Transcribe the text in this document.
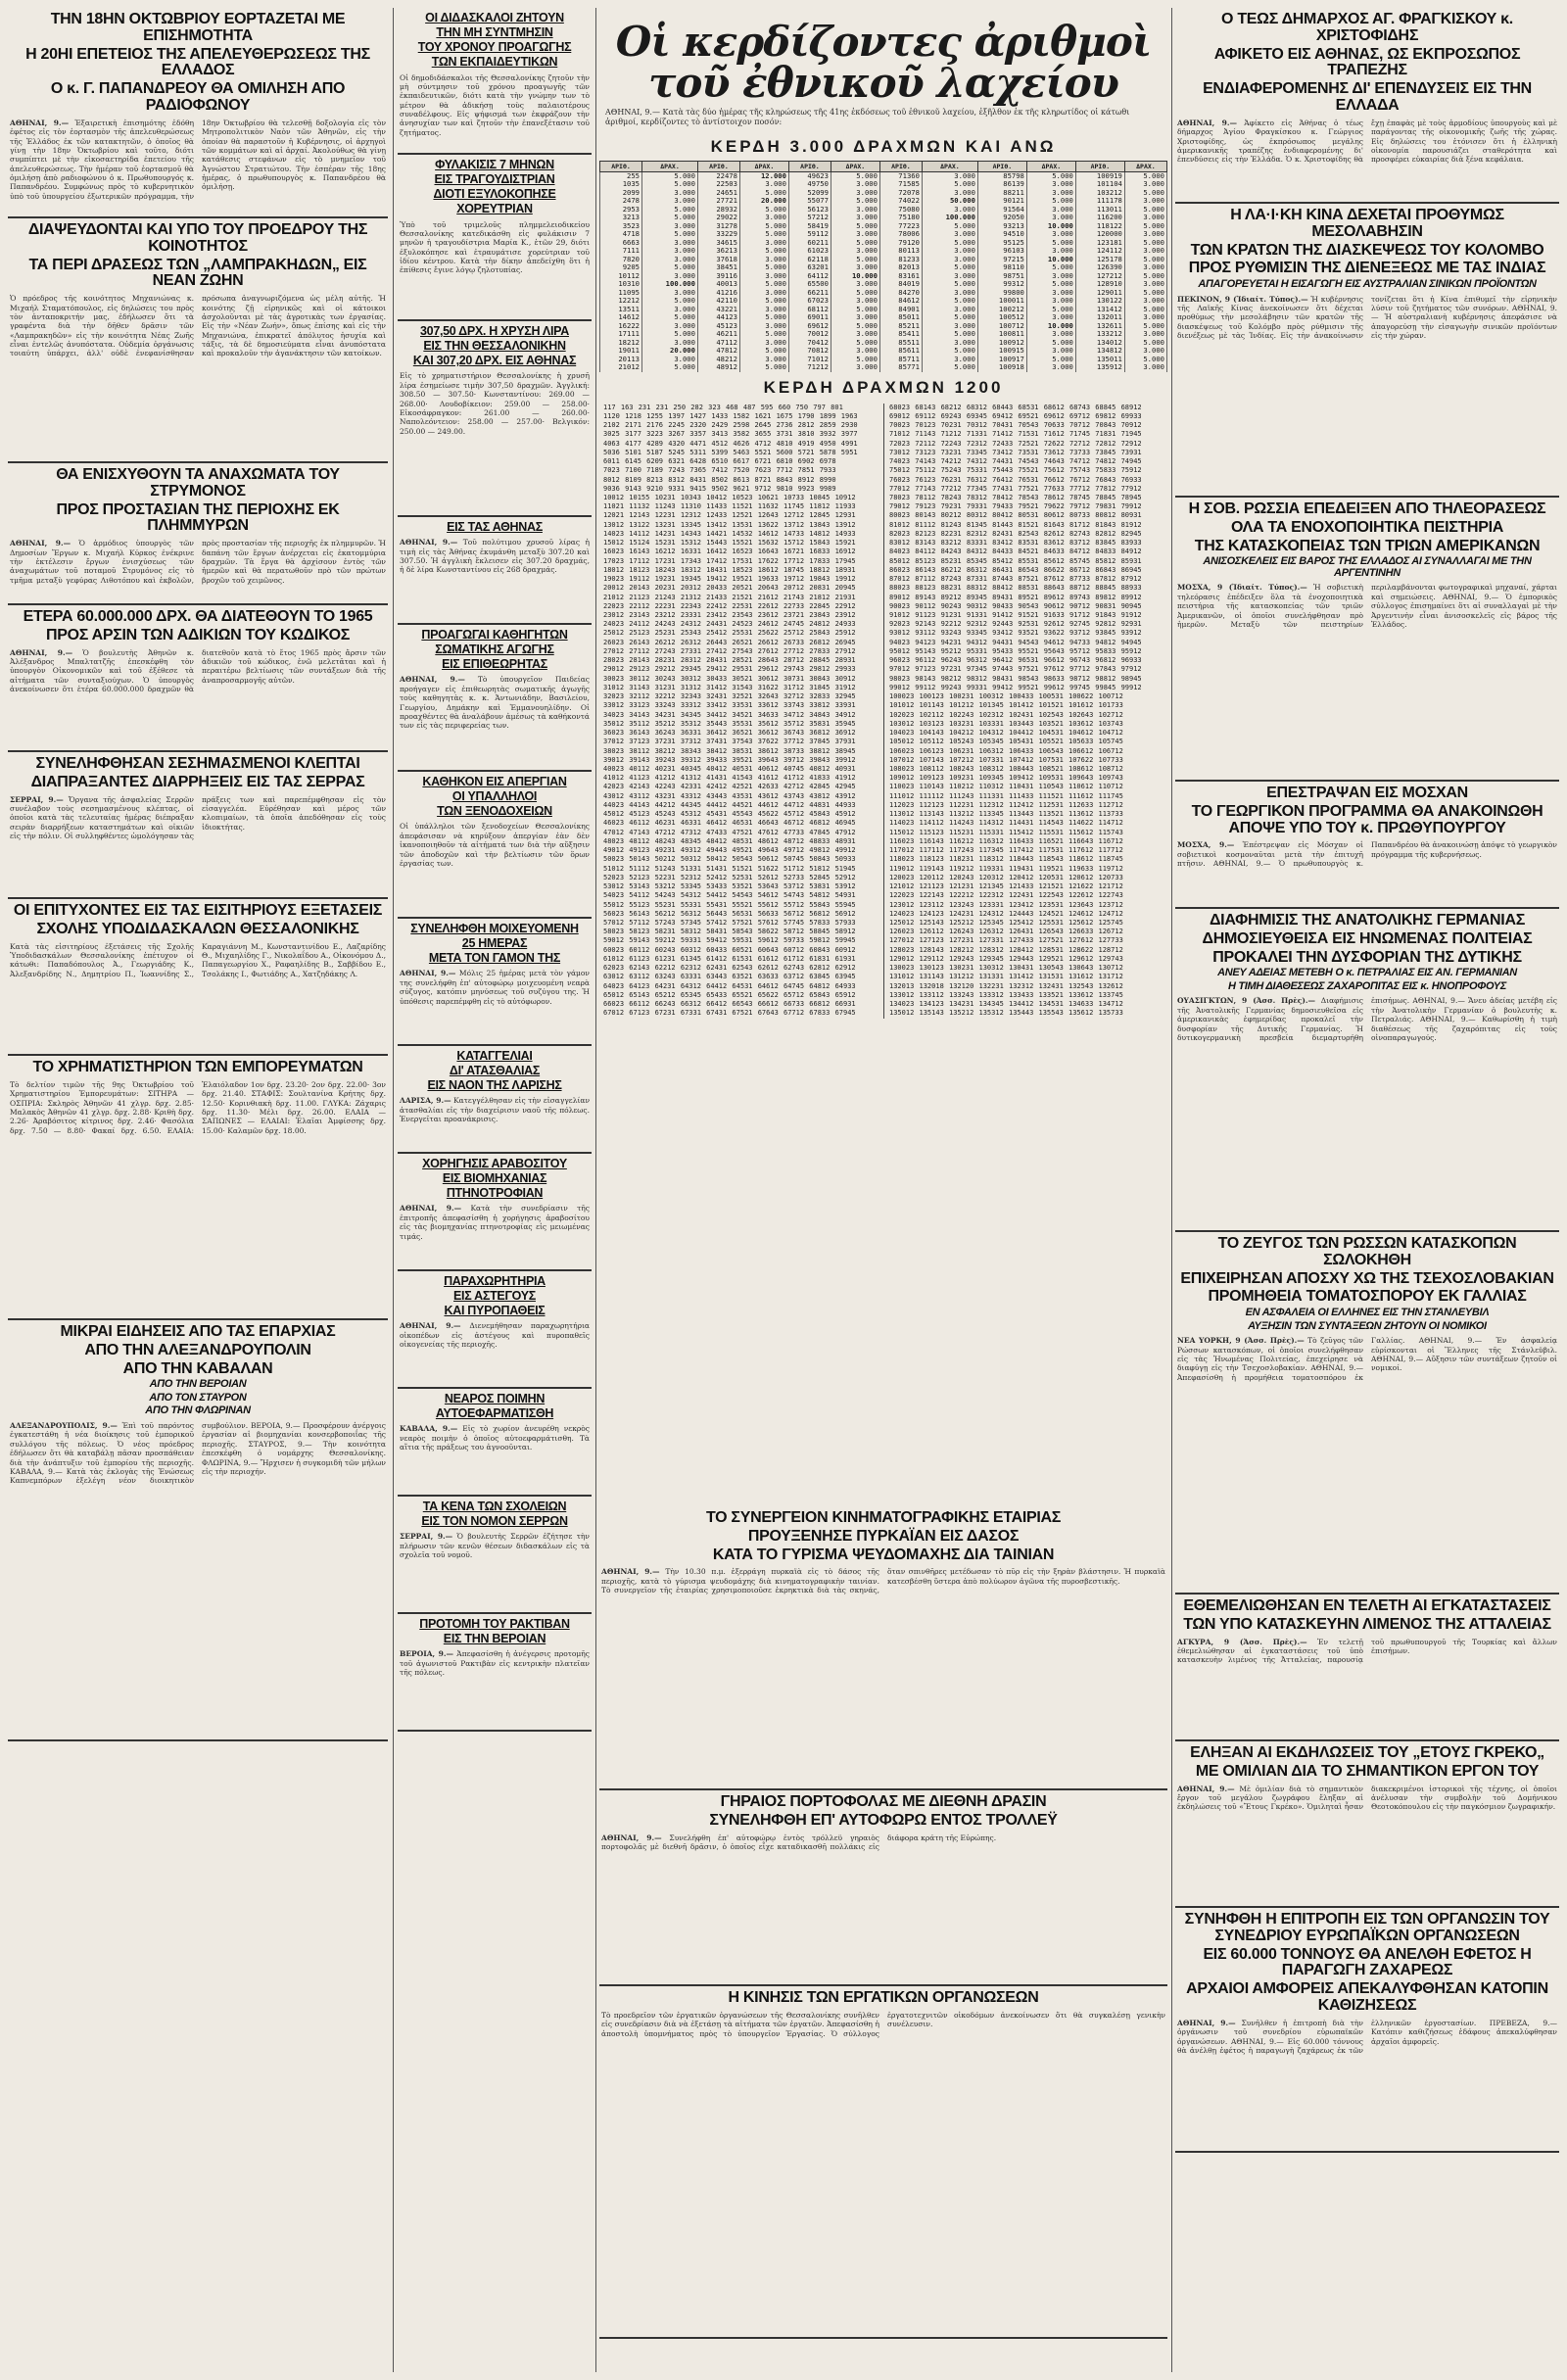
ΤΗΝ 18ΗΝ ΟΚΤΩΒΡΙΟΥ ΕΟΡΤΑΖΕΤΑΙ ΜΕ ΕΠΙΣΗΜΟΤΗΤΑ
Η 20ΗΙ ΕΠΕΤΕΙΟΣ ΤΗΣ ΑΠΕΛΕΥΘΕΡΩΣΕΩΣ ΤΗΣ ΕΛΛΑΔΟΣ
Ο κ. Γ. ΠΑΠΑΝΔΡΕΟΥ ΘΑ ΟΜΙΛΗΣΗ ΑΠΟ ΡΑΔΙΟΦΩΝΟΥ
ΑΘΗΝΑΙ, 9.— Ἑξαιρετικὴ ἐπισημότης ἐδόθη ἐφέτος εἰς τὸν ἑορτασμὸν τῆς ἀπελευθερώσεως τῆς Ἑλλάδος ἐκ τῶν κατακτητῶν, ὁ ὁποῖος θὰ γίνῃ τὴν 18ην Ὀκτωβρίου καὶ τοῦτο, διότι συμπίπτει μὲ τὴν εἰκοσαετηρίδα ἐπετείου τῆς ἀπελευθερώσεως. Τὴν ἡμέραν τοῦ ἑορτασμοῦ θὰ ὁμιλήσῃ ἀπὸ ραδιοφώνου ὁ κ. Πρωθυπουργός κ. Παπανδρέου. Συμφώνως πρὸς τὸ κυβερνητικὸν ὑπὸ τοῦ ὑπουργείου ἐξωτερικῶν πρόγραμμα, τὴν 18ην Ὀκτωβρίου θὰ τελεσθῇ δοξολογία εἰς τὸν Μητροπολιτικὸν Ναὸν τῶν Ἀθηνῶν, εἰς τὴν ὁποίαν θὰ παραστοῦν ἡ Κυβέρνησις, οἱ ἀρχηγοὶ τῶν κομμάτων καὶ αἱ ἀρχαί. Ἀκολούθως θὰ γίνῃ κατάθεσις στεφάνων εἰς τὸ μνημεῖον τοῦ Ἀγνώστου Στρατιώτου. Τὴν ἑσπέραν τῆς 18ης ἡμέρας, ὁ πρωθυπουργὸς κ. Παπανδρέου θὰ ὁμιλήσῃ.
ΔΙΑΨΕΥΔΟΝΤΑΙ ΚΑΙ ΥΠΟ ΤΟΥ ΠΡΟΕΔΡΟΥ ΤΗΣ ΚΟΙΝΟΤΗΤΟΣ
ΤΑ ΠΕΡΙ ΔΡΑΣΕΩΣ ΤΩΝ „ΛΑΜΠΡΑΚΗΔΩΝ„ ΕΙΣ ΝΕΑΝ ΖΩΗΝ
Ὁ πρόεδρος τῆς κοινότητος Μηχανιώνας κ. Μιχαήλ Σταματόπουλος, εἰς δηλώσεις του πρὸς τὸν ἀνταποκριτήν μας, ἐδήλωσεν ὅτι τὰ γραφέντα διὰ τὴν δῆθεν δρᾶσιν τῶν «Λαμπρακηδῶν» εἰς τὴν κοινότητα Νέας Ζωῆς εἶναι ἐντελῶς ἀνυπόστατα. Οὐδεμία ὀργάνωσις τοιαύτη ὑπάρχει, ἀλλ' οὐδὲ ἐνεφανίσθησαν πρόσωπα ἀναγνωριζόμενα ὡς μέλη αὐτῆς. Ἡ κοινότης ζῇ εἰρηνικῶς καὶ οἱ κάτοικοι ἀσχολοῦνται μὲ τὰς ἀγροτικὰς των ἐργασίας. Εἰς τὴν «Νέαν Ζωήν», ὅπως ἐπίσης καὶ εἰς τὴν Μηχανιώνα, ἐπικρατεῖ ἀπόλυτος ἡσυχία καὶ τάξις, τὰ δὲ δημοσιεύματα εἶναι ἀνυπόστατα καὶ προκαλοῦν τὴν ἀγανάκτησιν τῶν κατοίκων.
ΘΑ ΕΝΙΣΧΥΘΟΥΝ ΤΑ ΑΝΑΧΩΜΑΤΑ ΤΟΥ ΣΤΡΥΜΟΝΟΣ
ΠΡΟΣ ΠΡΟΣΤΑΣΙΑΝ ΤΗΣ ΠΕΡΙΟΧΗΣ ΕΚ ΠΛΗΜΜΥΡΩΝ
ΑΘΗΝΑΙ, 9.— Ὁ ἁρμόδιος ὑπουργὸς τῶν Δημοσίων Ἔργων κ. Μιχαήλ Κύρκος ἐνέκρινε τὴν ἐκτέλεσιν ἔργων ἐνισχύσεως τῶν ἀναχωμάτων τοῦ ποταμοῦ Στρυμόνος εἰς τὸ τμῆμα μεταξὺ γεφύρας Λιθοτόπου καὶ ἐκβολῶν, πρὸς προστασίαν τῆς περιοχῆς ἐκ πλημμυρῶν. Ἡ δαπάνη τῶν ἔργων ἀνέρχεται εἰς ἑκατομμύρια δραχμῶν. Τὰ ἔργα θὰ ἀρχίσουν ἐντὸς τῶν ἡμερῶν καὶ θὰ περατωθοῦν πρὸ τῶν πρώτων βροχῶν τοῦ χειμῶνος.
ΕΤΕΡΑ 60.000.000 ΔΡΧ. ΘΑ ΔΙΑΤΕΘΟΥΝ ΤΟ 1965
ΠΡΟΣ ΑΡΣΙΝ ΤΩΝ ΑΔΙΚΙΩΝ ΤΟΥ ΚΩΔΙΚΟΣ
ΑΘΗΝΑΙ, 9.— Ὁ βουλευτὴς Ἀθηνῶν κ. Ἀλέξανδρος Μπαλτατζῆς ἐπεσκέφθη τὸν ὑπουργὸν Οἰκονομικῶν καὶ τοῦ ἐξέθεσε τὰ αἰτήματα τῶν συνταξιούχων. Ὁ ὑπουργὸς ἀνεκοίνωσεν ὅτι ἑτέρα 60.000.000 δραχμῶν θὰ διατεθοῦν κατὰ τὸ ἔτος 1965 πρὸς ἄρσιν τῶν ἀδικιῶν τοῦ κώδικος, ἐνῶ μελετᾶται καὶ ἡ περαιτέρω βελτίωσις τῶν συντάξεων διὰ τῆς ἀναπροσαρμογῆς αὐτῶν.
ΣΥΝΕΛΗΦΘΗΣΑΝ ΣΕΣΗΜΑΣΜΕΝΟΙ ΚΛΕΠΤΑΙ
ΔΙΑΠΡΑΞΑΝΤΕΣ ΔΙΑΡΡΗΞΕΙΣ ΕΙΣ ΤΑΣ ΣΕΡΡΑΣ
ΣΕΡΡΑΙ, 9.— Ὄργανα τῆς ἀσφαλείας Σερρῶν συνέλαβον τοὺς σεσημασμένους κλέπτας, οἱ ὁποῖοι κατὰ τὰς τελευταίας ἡμέρας διέπραξαν σειρὰν διαρρήξεων καταστημάτων καὶ οἰκιῶν εἰς τὴν πόλιν. Οἱ συλληφθέντες ὡμολόγησαν τὰς πράξεις των καὶ παρεπέμφθησαν εἰς τὸν εἰσαγγελέα. Εὑρέθησαν καὶ μέρος τῶν κλοπιμαίων, τὰ ὁποῖα ἀπεδόθησαν εἰς τοὺς ἰδιοκτήτας.
ΟΙ ΕΠΙΤΥΧΟΝΤΕΣ ΕΙΣ ΤΑΣ ΕΙΣΙΤΗΡΙΟΥΣ ΕΞΕΤΑΣΕΙΣ
ΣΧΟΛΗΣ ΥΠΟΔΙΔΑΣΚΑΛΩΝ ΘΕΣΣΑΛΟΝΙΚΗΣ
Κατὰ τὰς εἰσιτηρίους ἐξετάσεις τῆς Σχολῆς Ὑποδιδασκάλων Θεσσαλονίκης ἐπέτυχον οἱ κάτωθι: Παπαδόπουλος Ἀ., Γεωργιάδης Κ., Ἀλεξανδρίδης Ν., Δημητρίου Π., Ἰωαννίδης Σ., Καραγιάννη Μ., Κωνσταντινίδου Ε., Λαζαρίδης Θ., Μιχαηλίδης Γ., Νικολαΐδου Α., Οἰκονόμου Δ., Παπαγεωργίου Χ., Ραφαηλίδης Β., Σαββίδου Ε., Τσολάκης Ι., Φωτιάδης Α., Χατζηδάκης Λ.
ΤΟ ΧΡΗΜΑΤΙΣΤΗΡΙΟΝ ΤΩΝ ΕΜΠΟΡΕΥΜΑΤΩΝ
Τὸ δελτίον τιμῶν τῆς 9ης Ὀκτωβρίου τοῦ Χρηματιστηρίου Ἐμπορευμάτων: ΣΙΤΗΡΑ — ΟΣΠΡΙΑ: Σκληρὸς Ἀθηνῶν 41 χλγρ. δρχ. 2.85· Μαλακὸς Ἀθηνῶν 41 χλγρ. δρχ. 2.88· Κριθὴ δρχ. 2.26· Ἀραβόσιτος κίτρινος δρχ. 2.46· Φασόλια δρχ. 7.50 — 8.80· Φακαί δρχ. 6.50. ΕΛΑΙΑ: Ἐλαιόλαδον 1ον δρχ. 23.20· 2ον δρχ. 22.00· 3ον δρχ. 21.40. ΣΤΑΦΙΣ: Σουλτανίνα Κρήτης δρχ. 12.50· Κορινθιακὴ δρχ. 11.00. ΓΛΥΚΑ: Ζάχαρις δρχ. 11.30· Μέλι δρχ. 26.00. ΕΛΑΙΑ — ΣΑΠΩΝΕΣ — ΕΛΑΙΑΙ: Ἐλαῖαι Ἀμφίσσης δρχ. 15.00· Καλαμῶν δρχ. 18.00.
ΜΙΚΡΑΙ ΕΙΔΗΣΕΙΣ ΑΠΟ ΤΑΣ ΕΠΑΡΧΙΑΣ
ΑΠΟ ΤΗΝ ΑΛΕΞΑΝΔΡΟΥΠΟΛΙΝ
ΑΠΟ ΤΗΝ ΚΑΒΑΛΑΝ
ΑΠΟ ΤΗΝ ΒΕΡΟΙΑΝ
ΑΠΟ ΤΟΝ ΣΤΑΥΡΟΝ
ΑΠΟ ΤΗΝ ΦΛΩΡΙΝΑΝ
ΑΛΕΞΑΝΔΡΟΥΠΟΛΙΣ, 9.— Ἐπὶ τοῦ παρόντος ἐγκατεστάθη ἡ νέα διοίκησις τοῦ ἐμπορικοῦ συλλόγου τῆς πόλεως. Ὁ νέος πρόεδρος ἐδήλωσεν ὅτι θὰ καταβάλῃ πᾶσαν προσπάθειαν διὰ τὴν ἀνάπτυξιν τοῦ ἐμπορίου τῆς περιοχῆς. ΚΑΒΑΛΑ, 9.— Κατὰ τὰς ἐκλογὰς τῆς Ἐνώσεως Καπνεμπόρων ἐξελέγη νέον διοικητικὸν συμβούλιον. ΒΕΡΟΙΑ, 9.— Προσφέρουν ἀνέργοις ἐργασίαν αἱ βιομηχανίαι κονσερβοποιΐας τῆς περιοχῆς. ΣΤΑΥΡΟΣ, 9.— Τὴν κοινότητα ἐπεσκέφθη ὁ νομάρχης Θεσσαλονίκης. ΦΛΩΡΙΝΑ, 9.— Ἤρχισεν ἡ συγκομιδὴ τῶν μήλων εἰς τὴν περιοχήν.
ΟΙ ΔΙΔΑΣΚΑΛΟΙ ΖΗΤΟΥΝ
ΤΗΝ ΜΗ ΣΥΝΤΜΗΣΙΝ
ΤΟΥ ΧΡΟΝΟΥ ΠΡΟΑΓΩΓΗΣ
ΤΩΝ ΕΚΠΑΙΔΕΥΤΙΚΩΝ
Οἱ δημοδιδάσκαλοι τῆς Θεσσαλονίκης ζητοῦν τὴν μὴ σύντμησιν τοῦ χρόνου προαγωγῆς τῶν ἐκπαιδευτικῶν, διότι κατὰ τὴν γνώμην των τὸ μέτρον θὰ ἀδικήσῃ τοὺς παλαιοτέρους συναδέλφους. Εἰς ψήφισμά των ἐκφράζουν τὴν ἀνησυχίαν των καὶ ζητοῦν τὴν ἐπανεξέτασιν τοῦ ζητήματος.
ΦΥΛΑΚΙΣΙΣ 7 ΜΗΝΩΝ
ΕΙΣ ΤΡΑΓΟΥΔΙΣΤΡΙΑΝ
ΔΙΟΤΙ ΕΞΥΛΟΚΟΠΗΣΕ
ΧΟΡΕΥΤΡΙΑΝ
Ὑπὸ τοῦ τριμελοῦς πλημμελειοδικείου Θεσσαλονίκης κατεδικάσθη εἰς φυλάκισιν 7 μηνῶν ἡ τραγουδίστρια Μαρία Κ., ἐτῶν 29, διότι ἐξυλοκόπησε καὶ ἐτραυμάτισε χορεύτριαν τοῦ ἰδίου κέντρου. Κατὰ τὴν δίκην ἀπεδείχθη ὅτι ἡ ἐπίθεσις ἔγινε λόγῳ ζηλοτυπίας.
307,50 ΔΡΧ. Η ΧΡΥΣΗ ΛΙΡΑ
ΕΙΣ ΤΗΝ ΘΕΣΣΑΛΟΝΙΚΗΝ
ΚΑΙ 307,20 ΔΡΧ. ΕΙΣ ΑΘΗΝΑΣ
Εἰς τὸ χρηματιστήριον Θεσσαλονίκης ἡ χρυσῆ λίρα ἐσημείωσε τιμὴν 307,50 δραχμῶν. Ἀγγλική: 308.50 — 307.50· Κωνσταντίνου: 269.00 — 268.00· Λουδοβίκειον: 259.00 — 258.00· Εἰκοσάφραγκον: 261.00 — 260.00· Ναπολεόντειον: 258.00 — 257.00· Βελγικόν: 250.00 — 249.00.
ΕΙΣ ΤΑΣ ΑΘΗΝΑΣ
ΑΘΗΝΑΙ, 9.— Τοῦ πολύτιμου χρυσοῦ λίρας ἡ τιμὴ εἰς τὰς Ἀθήνας ἐκυμάνθη μεταξὺ 307.20 καὶ 307.50. Ἡ ἀγγλικὴ ἔκλεισεν εἰς 307.20 δραχμάς, ἡ δὲ λίρα Κωνσταντίνου εἰς 268 δραχμάς.
ΠΡΟΑΓΩΓΑΙ ΚΑΘΗΓΗΤΩΝ
ΣΩΜΑΤΙΚΗΣ ΑΓΩΓΗΣ
ΕΙΣ ΕΠΙΘΕΩΡΗΤΑΣ
ΑΘΗΝΑΙ, 9.— Τὸ ὑπουργεῖον Παιδείας προήγαγεν εἰς ἐπιθεωρητὰς σωματικῆς ἀγωγῆς τοὺς καθηγητὰς κ. κ. Ἀντωνιάδην, Βασιλείου, Γεωργίου, Δημάκην καὶ Ἐμμανουηλίδην. Οἱ προαχθέντες θὰ ἀναλάβουν ἀμέσως τὰ καθήκοντά των εἰς τὰς περιφερείας των.
ΚΑΘΗΚΟΝ ΕΙΣ ΑΠΕΡΓΙΑΝ
ΟΙ ΥΠΑΛΛΗΛΟΙ
ΤΩΝ ΞΕΝΟΔΟΧΕΙΩΝ
Οἱ ὑπάλληλοι τῶν ξενοδοχείων Θεσσαλονίκης ἀπεφάσισαν νὰ κηρύξουν ἀπεργίαν ἐὰν δὲν ἱκανοποιηθοῦν τὰ αἰτήματά των διὰ τὴν αὔξησιν τῶν ἀποδοχῶν καὶ τὴν βελτίωσιν τῶν ὅρων ἐργασίας των.
ΣΥΝΕΛΗΦΘΗ ΜΟΙΧΕΥΟΜΕΝΗ
25 ΗΜΕΡΑΣ
ΜΕΤΑ ΤΟΝ ΓΑΜΟΝ ΤΗΣ
ΑΘΗΝΑΙ, 9.— Μόλις 25 ἡμέρας μετὰ τὸν γάμον της συνελήφθη ἐπ' αὐτοφώρῳ μοιχευομένη νεαρὰ σύζυγος, κατόπιν μηνύσεως τοῦ συζύγου της. Ἡ ὑπόθεσις παρεπέμφθη εἰς τὸ αὐτόφωρον.
ΚΑΤΑΓΓΕΛΙΑΙ
ΔΙ' ΑΤΑΣΘΑΛΙΑΣ
ΕΙΣ ΝΑΟΝ ΤΗΣ ΛΑΡΙΣΗΣ
ΛΑΡΙΣΑ, 9.— Κατεγγέλθησαν εἰς τὴν εἰσαγγελίαν ἀτασθαλίαι εἰς τὴν διαχείρισιν ναοῦ τῆς πόλεως. Ἐνεργεῖται προανάκρισις.
ΧΟΡΗΓΗΣΙΣ ΑΡΑΒΟΣΙΤΟΥ
ΕΙΣ ΒΙΟΜΗΧΑΝΙΑΣ
ΠΤΗΝΟΤΡΟΦΙΑΝ
ΑΘΗΝΑΙ, 9.— Κατὰ τὴν συνεδρίασιν τῆς ἐπιτροπῆς ἀπεφασίσθη ἡ χορήγησις ἀραβοσίτου εἰς τὰς βιομηχανίας πτηνοτροφίας εἰς μειωμένας τιμάς.
ΠΑΡΑΧΩΡΗΤΗΡΙΑ
ΕΙΣ ΑΣΤΕΓΟΥΣ
ΚΑΙ ΠΥΡΟΠΑΘΕΙΣ
ΑΘΗΝΑΙ, 9.— Διενεμήθησαν παραχωρητήρια οἰκοπέδων εἰς ἀστέγους καὶ πυροπαθεῖς οἰκογενείας τῆς περιοχῆς.
ΝΕΑΡΟΣ ΠΟΙΜΗΝ
ΑΥΤΟΕΦΑΡΜΑΤΙΣΘΗ
ΚΑΒΑΛΑ, 9.— Εἰς τὸ χωρίον ἀνευρέθη νεκρὸς νεαρὸς ποιμὴν ὁ ὁποῖος αὐτοεφαρμάτισθη. Τὰ αἴτια τῆς πράξεως του ἀγνοοῦνται.
ΤΑ ΚΕΝΑ ΤΩΝ ΣΧΟΛΕΙΩΝ
ΕΙΣ ΤΟΝ ΝΟΜΟΝ ΣΕΡΡΩΝ
ΣΕΡΡΑΙ, 9.— Ὁ βουλευτὴς Σερρῶν ἐζήτησε τὴν πλήρωσιν τῶν κενῶν θέσεων διδασκάλων εἰς τὰ σχολεῖα τοῦ νομοῦ.
ΠΡΟΤΟΜΗ ΤΟΥ ΡΑΚΤΙΒΑΝ
ΕΙΣ ΤΗΝ ΒΕΡΟΙΑΝ
ΒΕΡΟΙΑ, 9.— Ἀπεφασίσθη ἡ ἀνέγερσις προτομῆς τοῦ ἀγωνιστοῦ Ρακτιβὰν εἰς κεντρικὴν πλατεῖαν τῆς πόλεως.
Οἱ κερδίζοντες ἀριθμοὶ τοῦ ἐθνικοῦ λαχείου
ΑΘΗΝΑΙ, 9.— Κατὰ τὰς δύο ἡμέρας τῆς κληρώσεως τῆς 41ης ἐκδόσεως τοῦ ἐθνικοῦ λαχείου, ἐξῆλθον ἐκ τῆς κληρωτίδος οἱ κάτωθι ἀριθμοί, κερδίζοντες τὸ ἀντίστοιχον ποσόν:
ΚΕΡΔΗ 3.000 ΔΡΑΧΜΩΝ ΚΑΙ ΑΝΩ
ΑΡΙΘ.	ΔΡΑΧ.	ΑΡΙΘ.	ΔΡΑΧ.	ΑΡΙΘ.	ΔΡΑΧ.	ΑΡΙΘ.	ΔΡΑΧ.	ΑΡΙΘ.	ΔΡΑΧ.	ΑΡΙΘ.	ΔΡΑΧ.
255	5.000	22478	12.000	49623	5.000	71360	3.000	85798	5.000	100919	5.000
1035	5.000	22503	3.000	49750	3.000	71585	5.000	86139	3.000	101104	3.000
2099	3.000	24651	5.000	52099	3.000	72078	3.000	88211	3.000	103212	5.000
2478	3.000	27721	20.000	55077	5.000	74022	50.000	90121	5.000	111178	3.000
2953	5.000	28932	5.000	56123	3.000	75080	3.000	91564	3.000	113011	5.000
3213	5.000	29022	3.000	57212	3.000	75180	100.000	92050	3.000	116200	3.000
3523	3.000	31278	5.000	58419	5.000	77223	5.000	93213	10.000	118122	5.000
4718	5.000	33229	5.000	59112	3.000	78006	3.000	94510	3.000	120000	3.000
6663	3.000	34615	3.000	60211	5.000	79120	5.000	95125	5.000	123181	5.000
7111	3.000	36213	5.000	61023	3.000	80113	3.000	96103	3.000	124112	3.000
7820	3.000	37618	3.000	62118	5.000	81233	3.000	97215	10.000	125178	5.000
9205	5.000	38451	5.000	63201	3.000	82013	5.000	98110	5.000	126390	3.000
10112	3.000	39116	3.000	64112	10.000	83161	3.000	98751	3.000	127212	5.000
10310	100.000	40013	5.000	65500	3.000	84019	5.000	99312	5.000	128910	3.000
11095	3.000	41216	3.000	66211	5.000	84270	3.000	99800	3.000	129011	5.000
12212	5.000	42110	5.000	67023	3.000	84612	5.000	100011	3.000	130122	3.000
13511	3.000	43221	3.000	68112	5.000	84901	3.000	100212	5.000	131412	5.000
14612	5.000	44123	5.000	69011	3.000	85011	5.000	100512	3.000	132011	3.000
16222	3.000	45123	3.000	69612	5.000	85211	3.000	100712	10.000	132611	5.000
17111	5.000	46211	5.000	70012	3.000	85411	5.000	100811	3.000	133212	3.000
18212	3.000	47112	3.000	70412	5.000	85511	3.000	100912	5.000	134012	5.000
19011	20.000	47812	5.000	70812	3.000	85611	5.000	100915	3.000	134812	3.000
20113	3.000	48212	3.000	71012	5.000	85711	3.000	100917	5.000	135011	5.000
21012	5.000	48912	5.000	71212	3.000	85771	5.000	100918	3.000	135912	3.000
ΚΕΡΔΗ ΔΡΑΧΜΩΝ 1200

117 163 231 231 250 282 323 468 487 595 660 750 797 801

1120 1218 1255 1397 1427 1433 1582 1621 1675 1790 1899 1963

2102 2171 2176 2245 2320 2429 2598 2645 2736 2812 2859 2930

3025 3177 3223 3267 3357 3413 3582 3655 3731 3810 3932 3977

4063 4177 4289 4320 4471 4512 4626 4712 4810 4919 4950 4991

5036 5101 5187 5245 5311 5399 5463 5521 5600 5721 5878 5951

6011 6145 6209 6321 6428 6510 6617 6721 6810 6902 6978

7023 7100 7189 7243 7365 7412 7520 7623 7712 7851 7933

8012 8109 8213 8312 8431 8502 8613 8721 8843 8912 8990

9036 9143 9210 9331 9415 9502 9621 9712 9810 9923 9989

10012 10155 10231 10343 10412 10523 10621 10733 10845 10912

11021 11132 11243 11310 11433 11521 11632 11745 11812 11933

12021 12143 12231 12312 12433 12521 12643 12712 12845 12931

13012 13122 13231 13345 13412 13531 13622 13712 13843 13912

14023 14112 14231 14343 14421 14532 14612 14733 14812 14933

15012 15124 15231 15312 15443 15521 15632 15712 15843 15921

16023 16143 16212 16331 16412 16523 16643 16721 16833 16912

17023 17112 17231 17343 17412 17531 17622 17712 17833 17945

18012 18123 18243 18312 18431 18523 18612 18745 18812 18931

19023 19112 19231 19345 19412 19521 19633 19712 19843 19912

20012 20143 20231 20312 20433 20521 20643 20712 20831 20945

21012 21123 21243 21312 21433 21521 21612 21743 21812 21931

22023 22112 22231 22343 22412 22531 22612 22733 22845 22912

23012 23143 23212 23331 23412 23543 23612 23721 23843 23912

24023 24112 24243 24312 24431 24523 24612 24745 24812 24933

25012 25123 25231 25343 25412 25531 25622 25712 25843 25912

26023 26143 26212 26312 26443 26521 26612 26733 26812 26945

27012 27112 27243 27331 27412 27543 27612 27712 27833 27912

28023 28143 28231 28312 28431 28521 28643 28712 28845 28931

29012 29123 29212 29345 29412 29531 29612 29743 29812 29933

30023 30112 30243 30312 30433 30521 30612 30731 30843 30912

31012 31143 31231 31312 31412 31543 31622 31712 31845 31912

32023 32112 32212 32343 32431 32521 32643 32712 32833 32945

33012 33123 33243 33312 33412 33531 33612 33743 33812 33931

34023 34143 34231 34345 34412 34521 34633 34712 34843 34912

35012 35112 35212 35312 35443 35531 35612 35712 35831 35945

36023 36143 36243 36331 36412 36521 36612 36743 36812 36912

37012 37123 37231 37312 37431 37543 37622 37712 37845 37931

38023 38112 38212 38343 38412 38531 38612 38733 38812 38945

39012 39143 39243 39312 39433 39521 39643 39712 39843 39912

40023 40112 40231 40345 40412 40531 40612 40745 40812 40931

41012 41123 41212 41312 41431 41543 41612 41712 41833 41912

42023 42143 42243 42331 42412 42521 42633 42712 42845 42945

43012 43112 43231 43312 43443 43531 43612 43743 43812 43912

44023 44143 44212 44345 44412 44521 44612 44712 44831 44933

45012 45123 45243 45312 45431 45543 45622 45712 45843 45912

46023 46112 46231 46331 46412 46531 46643 46712 46812 46945

47012 47143 47212 47312 47433 47521 47612 47733 47845 47912

48023 48112 48243 48345 48412 48531 48612 48712 48833 48931

49012 49123 49231 49312 49443 49521 49643 49712 49812 49912

50023 50143 50212 50312 50412 50543 50612 50745 50843 50933

51012 51112 51243 51331 51431 51521 51622 51712 51812 51945

52023 52123 52231 52312 52412 52531 52612 52733 52845 52912

53012 53143 53212 53345 53433 53521 53643 53712 53831 53912

54023 54112 54243 54312 54412 54543 54612 54743 54812 54931

55012 55123 55231 55331 55431 55521 55612 55712 55843 55945

56023 56143 56212 56312 56443 56531 56633 56712 56812 56912

57012 57112 57243 57345 57412 57521 57612 57745 57833 57933

58023 58123 58231 58312 58431 58543 58622 58712 58845 58912

59012 59143 59212 59331 59412 59531 59612 59733 59812 59945

60023 60112 60243 60312 60433 60521 60643 60712 60843 60912

61012 61123 61231 61345 61412 61531 61612 61712 61831 61931

62023 62143 62212 62312 62431 62543 62612 62743 62812 62912

63012 63112 63243 63331 63443 63521 63633 63712 63845 63945

64023 64123 64231 64312 64412 64531 64612 64745 64812 64933

65012 65143 65212 65345 65433 65521 65622 65712 65843 65912

66023 66112 66243 66312 66412 66543 66612 66733 66812 66931

67012 67123 67231 67331 67431 67521 67643 67712 67833 67945

68023 68143 68212 68312 68443 68531 68612 68743 68845 68912

69012 69112 69243 69345 69412 69521 69612 69712 69812 69933

70023 70123 70231 70312 70431 70543 70633 70712 70843 70912

71012 71143 71212 71331 71412 71531 71612 71745 71831 71945

72023 72112 72243 72312 72433 72521 72622 72712 72812 72912

73012 73123 73231 73345 73412 73531 73612 73733 73845 73931

74023 74143 74212 74312 74431 74543 74643 74712 74812 74945

75012 75112 75243 75331 75443 75521 75612 75743 75833 75912

76023 76123 76231 76312 76412 76531 76612 76712 76843 76933

77012 77143 77212 77345 77431 77521 77633 77712 77812 77912

78023 78112 78243 78312 78412 78543 78612 78745 78845 78945

79012 79123 79231 79331 79433 79521 79622 79712 79831 79912

80023 80143 80212 80312 80412 80531 80612 80733 80812 80931

81012 81112 81243 81345 81443 81521 81643 81712 81843 81912

82023 82123 82231 82312 82431 82543 82612 82743 82812 82945

83012 83143 83212 83331 83412 83531 83612 83712 83845 83933

84023 84112 84243 84312 84433 84521 84633 84712 84833 84912

85012 85123 85231 85345 85412 85531 85612 85745 85812 85931

86023 86143 86212 86312 86431 86543 86622 86712 86843 86945

87012 87112 87243 87331 87443 87521 87612 87733 87812 87912

88023 88123 88231 88312 88412 88531 88643 88712 88845 88933

89012 89143 89212 89345 89431 89521 89612 89743 89812 89912

90023 90112 90243 90312 90433 90543 90612 90712 90831 90945

91012 91123 91231 91331 91412 91521 91633 91712 91843 91912

92023 92143 92212 92312 92443 92531 92612 92745 92812 92931

93012 93112 93243 93345 93412 93521 93622 93712 93845 93912

94023 94123 94231 94312 94431 94543 94612 94733 94812 94945

95012 95143 95212 95331 95433 95521 95643 95712 95833 95912

96023 96112 96243 96312 96412 96531 96612 96743 96812 96933

97012 97123 97231 97345 97443 97521 97612 97712 97843 97912

98023 98143 98212 98312 98431 98543 98633 98712 98812 98945

99012 99112 99243 99331 99412 99521 99612 99745 99845 99912

100023 100123 100231 100312 100433 100531 100622 100712

101012 101143 101212 101345 101412 101521 101612 101733

102023 102112 102243 102312 102431 102543 102643 102712

103012 103123 103231 103331 103443 103521 103612 103743

104023 104143 104212 104312 104412 104531 104612 104712

105012 105112 105243 105345 105431 105521 105633 105745

106023 106123 106231 106312 106433 106543 106612 106712

107012 107143 107212 107331 107412 107531 107622 107733

108023 108112 108243 108312 108443 108521 108612 108712

109012 109123 109231 109345 109412 109531 109643 109743

110023 110143 110212 110312 110431 110543 110612 110712

111012 111112 111243 111331 111433 111521 111612 111745

112023 112123 112231 112312 112412 112531 112633 112712

113012 113143 113212 113345 113443 113521 113612 113733

114023 114112 114243 114312 114431 114543 114622 114712

115012 115123 115231 115331 115412 115531 115612 115743

116023 116143 116212 116312 116433 116521 116643 116712

117012 117112 117243 117345 117412 117531 117612 117712

118023 118123 118231 118312 118443 118543 118612 118745

119012 119143 119212 119331 119431 119521 119633 119712

120023 120112 120243 120312 120412 120531 120612 120733

121012 121123 121231 121345 121433 121521 121622 121712

122023 122143 122212 122312 122431 122543 122612 122743

123012 123112 123243 123331 123412 123531 123643 123712

124023 124123 124231 124312 124443 124521 124612 124712

125012 125143 125212 125345 125412 125531 125612 125745

126023 126112 126243 126312 126431 126543 126633 126712

127012 127123 127231 127331 127433 127521 127612 127733

128023 128143 128212 128312 128412 128531 128622 128712

129012 129112 129243 129345 129443 129521 129612 129743

130023 130123 130231 130312 130431 130543 130643 130712

131012 131143 131212 131331 131412 131531 131612 131712

132013 132018 132120 132231 132312 132431 132543 132612

133012 133112 133243 133312 133433 133521 133612 133745

134023 134123 134231 134345 134412 134531 134633 134712

135012 135143 135212 135312 135443 135543 135612 135733

ΤΟ ΣΥΝΕΡΓΕΙΟΝ ΚΙΝΗΜΑΤΟΓΡΑΦΙΚΗΣ ΕΤΑΙΡΙΑΣ
ΠΡΟΥΞΕΝΗΣΕ ΠΥΡΚΑΪΑΝ ΕΙΣ ΔΑΣΟΣ
ΚΑΤΑ ΤΟ ΓΥΡΙΣΜΑ ΨΕΥΔΟΜΑΧΗΣ ΔΙΑ ΤΑΙΝΙΑΝ
ΑΘΗΝΑΙ, 9.— Τὴν 10.30 π.μ. ἐξερράγη πυρκαϊὰ εἰς τὸ δάσος τῆς περιοχῆς, κατὰ τὸ γύρισμα ψευδομάχης διὰ κινηματογραφικὴν ταινίαν. Τὸ συνεργεῖον τῆς ἑταιρίας χρησιμοποιοῦσε ἐκρηκτικὰ διὰ τὰς σκηνάς, ὅταν σπινθῆρες μετέδωσαν τὸ πῦρ εἰς τὴν ξηρὰν βλάστησιν. Ἡ πυρκαϊὰ κατεσβέσθη ὕστερα ἀπὸ πολύωρον ἀγῶνα τῆς πυροσβεστικῆς.
ΓΗΡΑΙΟΣ ΠΟΡΤΟΦΟΛΑΣ ΜΕ ΔΙΕΘΝΗ ΔΡΑΣΙΝ
ΣΥΝΕΛΗΦΘΗ ΕΠ' ΑΥΤΟΦΩΡΩ ΕΝΤΟΣ ΤΡΟΛΛΕΫ
ΑΘΗΝΑΙ, 9.— Συνελήφθη ἐπ' αὐτοφώρῳ ἐντὸς τρόλλεϋ γηραιὸς πορτοφολᾶς μὲ διεθνῆ δρᾶσιν, ὁ ὁποῖος εἶχε καταδικασθῆ πολλάκις εἰς διάφορα κράτη τῆς Εὐρώπης.
Η ΚΙΝΗΣΙΣ ΤΩΝ ΕΡΓΑΤΙΚΩΝ ΟΡΓΑΝΩΣΕΩΝ
Τὸ προεδρεῖον τῶν ἐργατικῶν ὀργανώσεων τῆς Θεσσαλονίκης συνῆλθεν εἰς συνεδρίασιν διὰ νὰ ἐξετάσῃ τὰ αἰτήματα τῶν ἐργατῶν. Ἀπεφασίσθη ἡ ἀποστολὴ ὑπομνήματος πρὸς τὸ ὑπουργεῖον Ἐργασίας. Ὁ σύλλογος ἐργατοτεχνιτῶν οἰκοδόμων ἀνεκοίνωσεν ὅτι θὰ συγκαλέσῃ γενικὴν συνέλευσιν.
Ο ΤΕΩΣ ΔΗΜΑΡΧΟΣ ΑΓ. ΦΡΑΓΚΙΣΚΟΥ κ. ΧΡΙΣΤΟΦΙΔΗΣ
ΑΦΙΚΕΤΟ ΕΙΣ ΑΘΗΝΑΣ, ΩΣ ΕΚΠΡΟΣΩΠΟΣ ΤΡΑΠΕΖΗΣ
ΕΝΔΙΑΦΕΡΟΜΕΝΗΣ ΔΙ' ΕΠΕΝΔΥΣΕΙΣ ΕΙΣ ΤΗΝ ΕΛΛΑΔΑ
ΑΘΗΝΑΙ, 9.— Ἀφίκετο εἰς Ἀθήνας ὁ τέως δήμαρχος Ἁγίου Φραγκίσκου κ. Γεώργιος Χριστοφίδης, ὡς ἐκπρόσωπος μεγάλης ἀμερικανικῆς τραπέζης ἐνδιαφερομένης δι' ἐπενδύσεις εἰς τὴν Ἑλλάδα. Ὁ κ. Χριστοφίδης θὰ ἔχῃ ἐπαφὰς μὲ τοὺς ἁρμοδίους ὑπουργοὺς καὶ μὲ παράγοντας τῆς οἰκονομικῆς ζωῆς τῆς χώρας. Εἰς δηλώσεις του ἐτόνισεν ὅτι ἡ ἑλληνικὴ οἰκονομία παρουσιάζει σταθερότητα καὶ προσφέρει εὐκαιρίας διὰ ξένα κεφάλαια.
Η ΛΑ·Ι·ΚΗ ΚΙΝΑ ΔΕΧΕΤΑΙ ΠΡΟΘΥΜΩΣ ΜΕΣΟΛΑΒΗΣΙΝ
ΤΩΝ ΚΡΑΤΩΝ ΤΗΣ ΔΙΑΣΚΕΨΕΩΣ ΤΟΥ ΚΟΛΟΜΒΟ
ΠΡΟΣ ΡΥΘΜΙΣΙΝ ΤΗΣ ΔΙΕΝΕΞΕΩΣ ΜΕ ΤΑΣ ΙΝΔΙΑΣ
ΑΠΑΓΟΡΕΥΕΤΑΙ Η ΕΙΣΑΓΩΓΗ ΕΙΣ ΑΥΣΤΡΑΛΙΑΝ ΣΙΝΙΚΩΝ ΠΡΟΪΟΝΤΩΝ
ΠΕΚΙΝΟΝ, 9 (Ἰδιαίτ. Τύπος).— Ἡ κυβέρνησις τῆς Λαϊκῆς Κίνας ἀνεκοίνωσεν ὅτι δέχεται προθύμως τὴν μεσολάβησιν τῶν κρατῶν τῆς διασκέψεως τοῦ Κολόμβο πρὸς ρύθμισιν τῆς διενέξεως μὲ τὰς Ἰνδίας. Εἰς τὴν ἀνακοίνωσιν τονίζεται ὅτι ἡ Κίνα ἐπιθυμεῖ τὴν εἰρηνικὴν λύσιν τοῦ ζητήματος τῶν συνόρων. ΑΘΗΝΑΙ, 9.— Ἡ αὐστραλιανὴ κυβέρνησις ἀπεφάσισε νὰ ἀπαγορεύσῃ τὴν εἰσαγωγὴν σινικῶν προϊόντων εἰς τὴν χώραν.
Η ΣΟΒ. ΡΩΣΣΙΑ ΕΠΕΔΕΙΞΕΝ ΑΠΟ ΤΗΛΕΟΡΑΣΕΩΣ
ΟΛΑ ΤΑ ΕΝΟΧΟΠΟΙΗΤΙΚΑ ΠΕΙΣΤΗΡΙΑ
ΤΗΣ ΚΑΤΑΣΚΟΠΕΙΑΣ ΤΩΝ ΤΡΙΩΝ ΑΜΕΡΙΚΑΝΩΝ
ΑΝΙΣΟΣΚΕΛΕΙΣ ΕΙΣ ΒΑΡΟΣ ΤΗΣ ΕΛΛΑΔΟΣ ΑΙ ΣΥΝΑΛΛΑΓΑΙ ΜΕ ΤΗΝ ΑΡΓΕΝΤΙΝΗΝ
ΜΟΣΧΑ, 9 (Ἰδιαίτ. Τύπος).— Ἡ σοβιετικὴ τηλεόρασις ἐπέδειξεν ὅλα τὰ ἐνοχοποιητικὰ πειστήρια τῆς κατασκοπείας τῶν τριῶν Ἀμερικανῶν, οἱ ὁποῖοι συνελήφθησαν πρὸ ἡμερῶν. Μεταξὺ τῶν πειστηρίων περιλαμβάνονται φωτογραφικαὶ μηχαναί, χάρται καὶ σημειώσεις. ΑΘΗΝΑΙ, 9.— Ὁ ἐμπορικὸς σύλλογος ἐπισημαίνει ὅτι αἱ συναλλαγαὶ μὲ τὴν Ἀργεντινὴν εἶναι ἀνισοσκελεῖς εἰς βάρος τῆς Ἑλλάδος.
ΕΠΕΣΤΡΑΨΑΝ ΕΙΣ ΜΟΣΧΑΝ
ΤΟ ΓΕΩΡΓΙΚΟΝ ΠΡΟΓΡΑΜΜΑ ΘΑ ΑΝΑΚΟΙΝΩΘΗ ΑΠΟΨΕ ΥΠΟ ΤΟΥ κ. ΠΡΩΘΥΠΟΥΡΓΟΥ
ΜΟΣΧΑ, 9.— Ἐπέστρεψαν εἰς Μόσχαν οἱ σοβιετικοὶ κοσμοναῦται μετὰ τὴν ἐπιτυχῆ πτῆσιν. ΑΘΗΝΑΙ, 9.— Ὁ πρωθυπουργὸς κ. Παπανδρέου θὰ ἀνακοινώσῃ ἀπόψε τὸ γεωργικὸν πρόγραμμα τῆς κυβερνήσεως.
ΔΙΑΦΗΜΙΣΙΣ ΤΗΣ ΑΝΑΤΟΛΙΚΗΣ ΓΕΡΜΑΝΙΑΣ
ΔΗΜΟΣΙΕΥΘΕΙΣΑ ΕΙΣ ΗΝΩΜΕΝΑΣ ΠΟΛΙΤΕΙΑΣ
ΠΡΟΚΑΛΕΙ ΤΗΝ ΔΥΣΦΟΡΙΑΝ ΤΗΣ ΔΥΤΙΚΗΣ
ΑΝΕΥ ΑΔΕΙΑΣ ΜΕΤΕΒΗ Ο κ. ΠΕΤΡΑΛΙΑΣ ΕΙΣ ΑΝ. ΓΕΡΜΑΝΙΑΝ
Η ΤΙΜΗ ΔΙΑΘΕΣΕΩΣ ΖΑΧΑΡΟΠΙΤΑΣ ΕΙΣ κ. ΗΝΟΠΡΟΦΟΥΣ
ΟΥΑΣΙΓΚΤΩΝ, 9 (Ἀσσ. Πρὲς).— Διαφήμισις τῆς Ἀνατολικῆς Γερμανίας δημοσιευθεῖσα εἰς ἀμερικανικὰς ἐφημερίδας προκαλεῖ τὴν δυσφορίαν τῆς Δυτικῆς Γερμανίας. Ἡ δυτικογερμανικὴ πρεσβεία διεμαρτυρήθη ἐπισήμως. ΑΘΗΝΑΙ, 9.— Ἄνευ ἀδείας μετέβη εἰς τὴν Ἀνατολικὴν Γερμανίαν ὁ βουλευτὴς κ. Πετραλιάς. ΑΘΗΝΑΙ, 9.— Καθωρίσθη ἡ τιμὴ διαθέσεως τῆς ζαχαρόπιτας εἰς τοὺς οἰνοπαραγωγούς.
ΤΟ ΖΕΥΓΟΣ ΤΩΝ ΡΩΣΣΩΝ ΚΑΤΑΣΚΟΠΩΝ ΣΩΛΟΚΗΘΗ
ΕΠΙΧΕΙΡΗΣΑΝ ΑΠΟΣΧΥ ΧΩ ΤΗΣ ΤΣΕΧΟΣΛΟΒΑΚΙΑΝ
ΠΡΟΜΗΘΕΙΑ ΤΟΜΑΤΟΣΠΟΡΟΥ ΕΚ ΓΑΛΛΙΑΣ
ΕΝ ΑΣΦΑΛΕΙΑ ΟΙ ΕΛΛΗΝΕΣ ΕΙΣ ΤΗΝ ΣΤΑΝΛΕΥΒΙΛ
ΑΥΞΗΣΙΝ ΤΩΝ ΣΥΝΤΑΞΕΩΝ ΖΗΤΟΥΝ ΟΙ ΝΟΜΙΚΟΙ
ΝΕΑ ΥΟΡΚΗ, 9 (Ἀσσ. Πρὲς).— Τὸ ζεῦγος τῶν Ρώσσων κατασκόπων, οἱ ὁποῖοι συνελήφθησαν εἰς τὰς Ἡνωμένας Πολιτείας, ἐπεχείρησε νὰ διαφύγῃ εἰς τὴν Τσεχοσλοβακίαν. ΑΘΗΝΑΙ, 9.— Ἀπεφασίσθη ἡ προμήθεια τοματοσπόρου ἐκ Γαλλίας. ΑΘΗΝΑΙ, 9.— Ἐν ἀσφαλείᾳ εὑρίσκονται οἱ Ἕλληνες τῆς Στάνλεϋβιλ. ΑΘΗΝΑΙ, 9.— Αὔξησιν τῶν συντάξεων ζητοῦν οἱ νομικοί.
ΕΘΕΜΕΛΙΩΘΗΣΑΝ ΕΝ ΤΕΛΕΤΗ ΑΙ ΕΓΚΑΤΑΣΤΑΣΕΙΣ
ΤΩΝ ΥΠΟ ΚΑΤΑΣΚΕΥΗΝ ΛΙΜΕΝΟΣ ΤΗΣ ΑΤΤΑΛΕΙΑΣ
ΑΓΚΥΡΑ, 9 (Ἀσσ. Πρὲς).— Ἐν τελετῇ ἐθεμελιώθησαν αἱ ἐγκαταστάσεις τοῦ ὑπὸ κατασκευὴν λιμένος τῆς Ἀτταλείας, παρουσίᾳ τοῦ πρωθυπουργοῦ τῆς Τουρκίας καὶ ἄλλων ἐπισήμων.
ΕΛΗΞΑΝ ΑΙ ΕΚΔΗΛΩΣΕΙΣ ΤΟΥ „ΕΤΟΥΣ ΓΚΡΕΚΟ„
ΜΕ ΟΜΙΛΙΑΝ ΔΙΑ ΤΟ ΣΗΜΑΝΤΙΚΟΝ ΕΡΓΟΝ ΤΟΥ
ΑΘΗΝΑΙ, 9.— Μὲ ὁμιλίαν διὰ τὸ σημαντικὸν ἔργον τοῦ μεγάλου ζωγράφου ἔληξαν αἱ ἐκδηλώσεις τοῦ «Ἔτους Γκρέκο». Ὁμιληταὶ ἦσαν διακεκριμένοι ἱστορικοὶ τῆς τέχνης, οἱ ὁποῖοι ἀνέλυσαν τὴν συμβολὴν τοῦ Δομήνικου Θεοτοκόπουλου εἰς τὴν παγκόσμιον ζωγραφικήν.
ΣΥΝΗΦΘΗ Η ΕΠΙΤΡΟΠΗ ΕΙΣ ΤΩΝ ΟΡΓΑΝΩΣΙΝ ΤΟΥ ΣΥΝΕΔΡΙΟΥ ΕΥΡΩΠΑΪΚΩΝ ΟΡΓΑΝΩΣΕΩΝ
ΕΙΣ 60.000 ΤΟΝΝΟΥΣ ΘΑ ΑΝΕΛΘΗ ΕΦΕΤΟΣ Η ΠΑΡΑΓΩΓΗ ΖΑΧΑΡΕΩΣ
ΑΡΧΑΙΟΙ ΑΜΦΟΡΕΙΣ ΑΠΕΚΑΛΥΦΘΗΣΑΝ ΚΑΤΟΠΙΝ ΚΑΘΙΖΗΣΕΩΣ
ΑΘΗΝΑΙ, 9.— Συνῆλθεν ἡ ἐπιτροπὴ διὰ τὴν ὀργάνωσιν τοῦ συνεδρίου εὐρωπαϊκῶν ὀργανώσεων. ΑΘΗΝΑΙ, 9.— Εἰς 60.000 τόννους θὰ ἀνέλθῃ ἐφέτος ἡ παραγωγὴ ζαχάρεως ἐκ τῶν ἑλληνικῶν ἐργοστασίων. ΠΡΕΒΕΖΑ, 9.— Κατόπιν καθιζήσεως ἐδάφους ἀπεκαλύφθησαν ἀρχαῖοι ἀμφορεῖς.
